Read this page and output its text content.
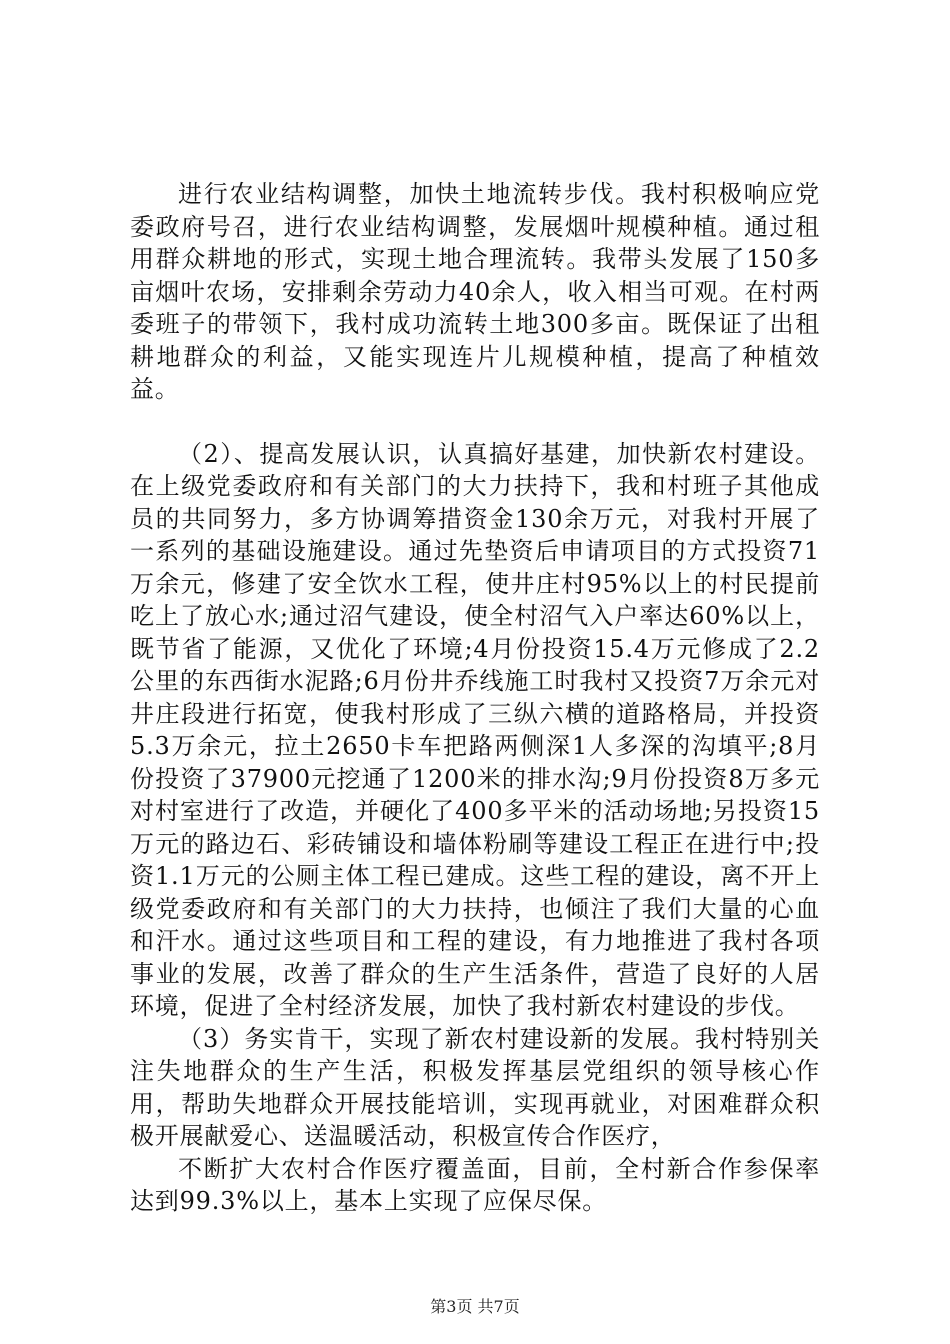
进行农业结构调整，加快土地流转步伐。我村积极响应党委政府号召，进行农业结构调整，发展烟叶规模种植。通过租用群众耕地的形式，实现土地合理流转。我带头发展了150多亩烟叶农场，安排剩余劳动力40余人，收入相当可观。在村两委班子的带领下，我村成功流转土地300多亩。既保证了出租耕地群众的利益，又能实现连片儿规模种植，提高了种植效益。

（2）、提高发展认识，认真搞好基建，加快新农村建设。在上级党委政府和有关部门的大力扶持下，我和村班子其他成员的共同努力，多方协调筹措资金130余万元，对我村开展了一系列的基础设施建设。通过先垫资后申请项目的方式投资71万余元，修建了安全饮水工程，使井庄村95%以上的村民提前吃上了放心水;通过沼气建设，使全村沼气入户率达60%以上，既节省了能源，又优化了环境;4月份投资15.4万元修成了2.2公里的东西街水泥路;6月份井乔线施工时我村又投资7万余元对井庄段进行拓宽，使我村形成了三纵六横的道路格局，并投资5.3万余元，拉土2650卡车把路两侧深1人多深的沟填平;8月份投资了37900元挖通了1200米的排水沟;9月份投资8万多元对村室进行了改造，并硬化了400多平米的活动场地;另投资15万元的路边石、彩砖铺设和墙体粉刷等建设工程正在进行中;投资1.1万元的公厕主体工程已建成。这些工程的建设，离不开上级党委政府和有关部门的大力扶持，也倾注了我们大量的心血和汗水。通过这些项目和工程的建设，有力地推进了我村各项事业的发展，改善了群众的生产生活条件，营造了良好的人居环境，促进了全村经济发展，加快了我村新农村建设的步伐。

（3）务实肯干，实现了新农村建设新的发展。我村特别关注失地群众的生产生活，积极发挥基层党组织的领导核心作用，帮助失地群众开展技能培训，实现再就业，对困难群众积极开展献爱心、送温暖活动，积极宣传合作医疗，

不断扩大农村合作医疗覆盖面，目前，全村新合作参保率达到99.3%以上，基本上实现了应保尽保。

第3页 共7页
